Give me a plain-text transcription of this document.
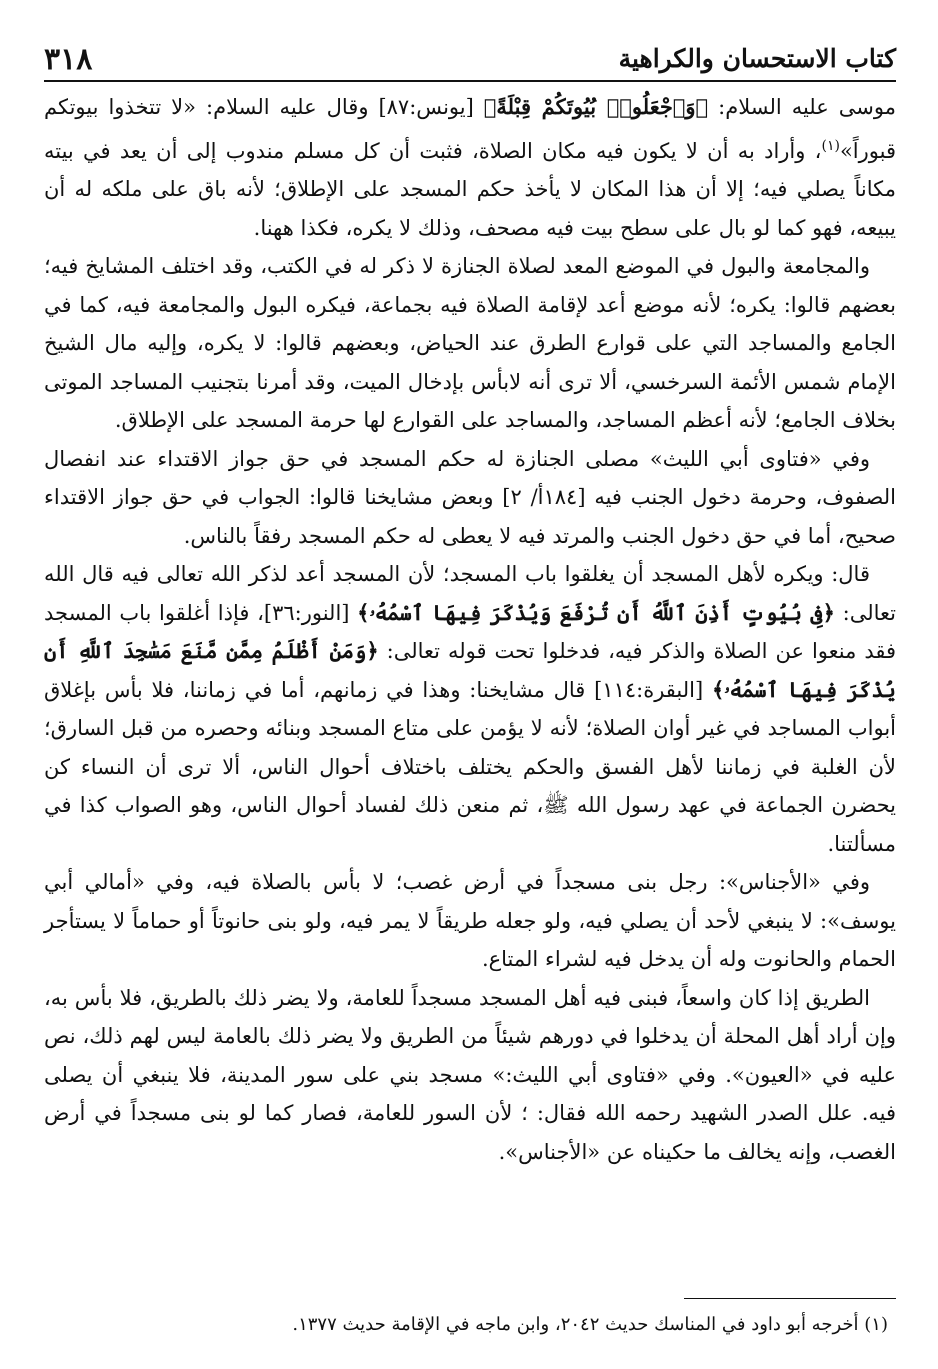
كتاب الاستحسان والكراهية
٣١٨

موسى عليه السلام: ﴿وَٱجْعَلُوا۟ بُيُوتَكُمْ قِبْلَةً﴾ [يونس:٨٧] وقال عليه السلام: «لا تتخذوا بيوتكم قبوراً»$^{(١)}$، وأراد به أن لا يكون فيه مكان الصلاة، فثبت أن كل مسلم مندوب إلى أن يعد في بيته مكاناً يصلي فيه؛ إلا أن هذا المكان لا يأخذ حكم المسجد على الإطلاق؛ لأنه باق على ملكه له أن يبيعه، فهو كما لو بال على سطح بيت فيه مصحف، وذلك لا يكره، فكذا ههنا.

والمجامعة والبول في الموضع المعد لصلاة الجنازة لا ذكر له في الكتب، وقد اختلف المشايخ فيه؛ بعضهم قالوا: يكره؛ لأنه موضع أعد لإقامة الصلاة فيه بجماعة، فيكره البول والمجامعة فيه، كما في الجامع والمساجد التي على قوارع الطرق عند الحياض، وبعضهم قالوا: لا يكره، وإليه مال الشيخ الإمام شمس الأئمة السرخسي، ألا ترى أنه لابأس بإدخال الميت، وقد أمرنا بتجنيب المساجد الموتى بخلاف الجامع؛ لأنه أعظم المساجد، والمساجد على القوارع لها حرمة المسجد على الإطلاق.

وفي «فتاوى أبي الليث» مصلى الجنازة له حكم المسجد في حق جواز الاقتداء عند انفصال الصفوف، وحرمة دخول الجنب فيه [١٨٤أ/ ٢] وبعض مشايخنا قالوا: الجواب في حق جواز الاقتداء صحيح، أما في حق دخول الجنب والمرتد فيه لا يعطى له حكم المسجد رفقاً بالناس.

قال: ويكره لأهل المسجد أن يغلقوا باب المسجد؛ لأن المسجد أعد لذكر الله تعالى فيه قال الله تعالى: ﴿فِى بُيُوتٍ أَذِنَ ٱللَّهُ أَن تُرْفَعَ وَيُذْكَرَ فِيهَا ٱسْمُهُۥ﴾ [النور:٣٦]، فإذا أغلقوا باب المسجد فقد منعوا عن الصلاة والذكر فيه، فدخلوا تحت قوله تعالى: ﴿وَمَنْ أَظْلَمُ مِمَّن مَّنَعَ مَسَٰجِدَ ٱللَّهِ أَن يُذْكَرَ فِيهَا ٱسْمُهُۥ﴾ [البقرة:١١٤] قال مشايخنا: وهذا في زمانهم، أما في زماننا، فلا بأس بإغلاق أبواب المساجد في غير أوان الصلاة؛ لأنه لا يؤمن على متاع المسجد وبنائه وحصره من قبل السارق؛ لأن الغلبة في زماننا لأهل الفسق والحكم يختلف باختلاف أحوال الناس، ألا ترى أن النساء كن يحضرن الجماعة في عهد رسول الله ﷺ، ثم منعن ذلك لفساد أحوال الناس، وهو الصواب كذا في مسألتنا.

وفي «الأجناس»: رجل بنى مسجداً في أرض غصب؛ لا بأس بالصلاة فيه، وفي «أمالي أبي يوسف»: لا ينبغي لأحد أن يصلي فيه، ولو جعله طريقاً لا يمر فيه، ولو بنى حانوتاً أو حماماً لا يستأجر الحمام والحانوت وله أن يدخل فيه لشراء المتاع.

الطريق إذا كان واسعاً، فبنى فيه أهل المسجد مسجداً للعامة، ولا يضر ذلك بالطريق، فلا بأس به، وإن أراد أهل المحلة أن يدخلوا في دورهم شيئاً من الطريق ولا يضر ذلك بالعامة ليس لهم ذلك، نص عليه في «العيون». وفي «فتاوى أبي الليث:» مسجد بني على سور المدينة، فلا ينبغي أن يصلى فيه. علل الصدر الشهيد رحمه الله فقال: ؛ لأن السور للعامة، فصار كما لو بنى مسجداً في أرض الغصب، وإنه يخالف ما حكيناه عن «الأجناس».

(١) أخرجه أبو داود في المناسك حديث ٢٠٤٢، وابن ماجه في الإقامة حديث ١٣٧٧.
